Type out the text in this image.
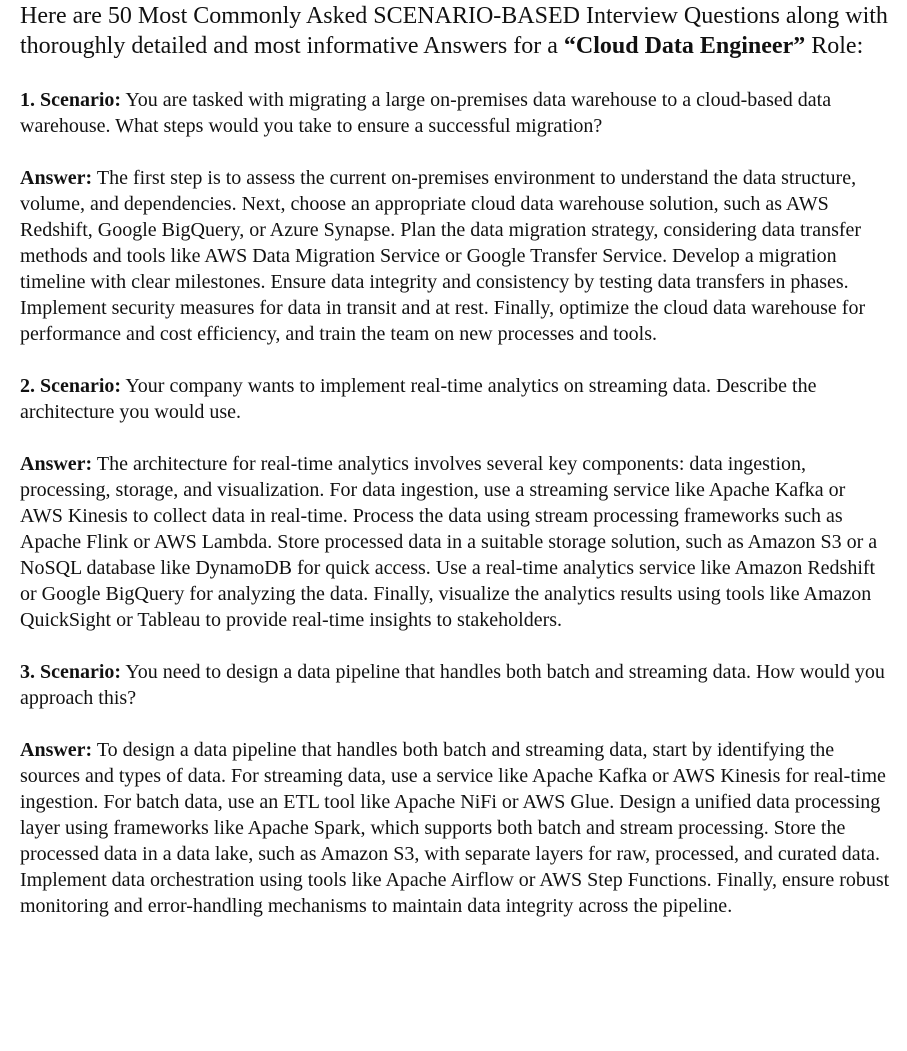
Here are 50 Most Commonly Asked SCENARIO-BASED Interview Questions along with thoroughly detailed and most informative Answers for a “Cloud Data Engineer” Role:

1. Scenario: You are tasked with migrating a large on-premises data warehouse to a cloud-based data warehouse. What steps would you take to ensure a successful migration?

Answer: The first step is to assess the current on-premises environment to understand the data structure, volume, and dependencies. Next, choose an appropriate cloud data warehouse solution, such as AWS Redshift, Google BigQuery, or Azure Synapse. Plan the data migration strategy, considering data transfer methods and tools like AWS Data Migration Service or Google Transfer Service. Develop a migration timeline with clear milestones. Ensure data integrity and consistency by testing data transfers in phases. Implement security measures for data in transit and at rest. Finally, optimize the cloud data warehouse for performance and cost efficiency, and train the team on new processes and tools.

2. Scenario: Your company wants to implement real-time analytics on streaming data. Describe the architecture you would use.

Answer: The architecture for real-time analytics involves several key components: data ingestion, processing, storage, and visualization. For data ingestion, use a streaming service like Apache Kafka or AWS Kinesis to collect data in real-time. Process the data using stream processing frameworks such as Apache Flink or AWS Lambda. Store processed data in a suitable storage solution, such as Amazon S3 or a NoSQL database like DynamoDB for quick access. Use a real-time analytics service like Amazon Redshift or Google BigQuery for analyzing the data. Finally, visualize the analytics results using tools like Amazon QuickSight or Tableau to provide real-time insights to stakeholders.

3. Scenario: You need to design a data pipeline that handles both batch and streaming data. How would you approach this?

Answer: To design a data pipeline that handles both batch and streaming data, start by identifying the sources and types of data. For streaming data, use a service like Apache Kafka or AWS Kinesis for real-time ingestion. For batch data, use an ETL tool like Apache NiFi or AWS Glue. Design a unified data processing layer using frameworks like Apache Spark, which supports both batch and stream processing. Store the processed data in a data lake, such as Amazon S3, with separate layers for raw, processed, and curated data. Implement data orchestration using tools like Apache Airflow or AWS Step Functions. Finally, ensure robust monitoring and error-handling mechanisms to maintain data integrity across the pipeline.
